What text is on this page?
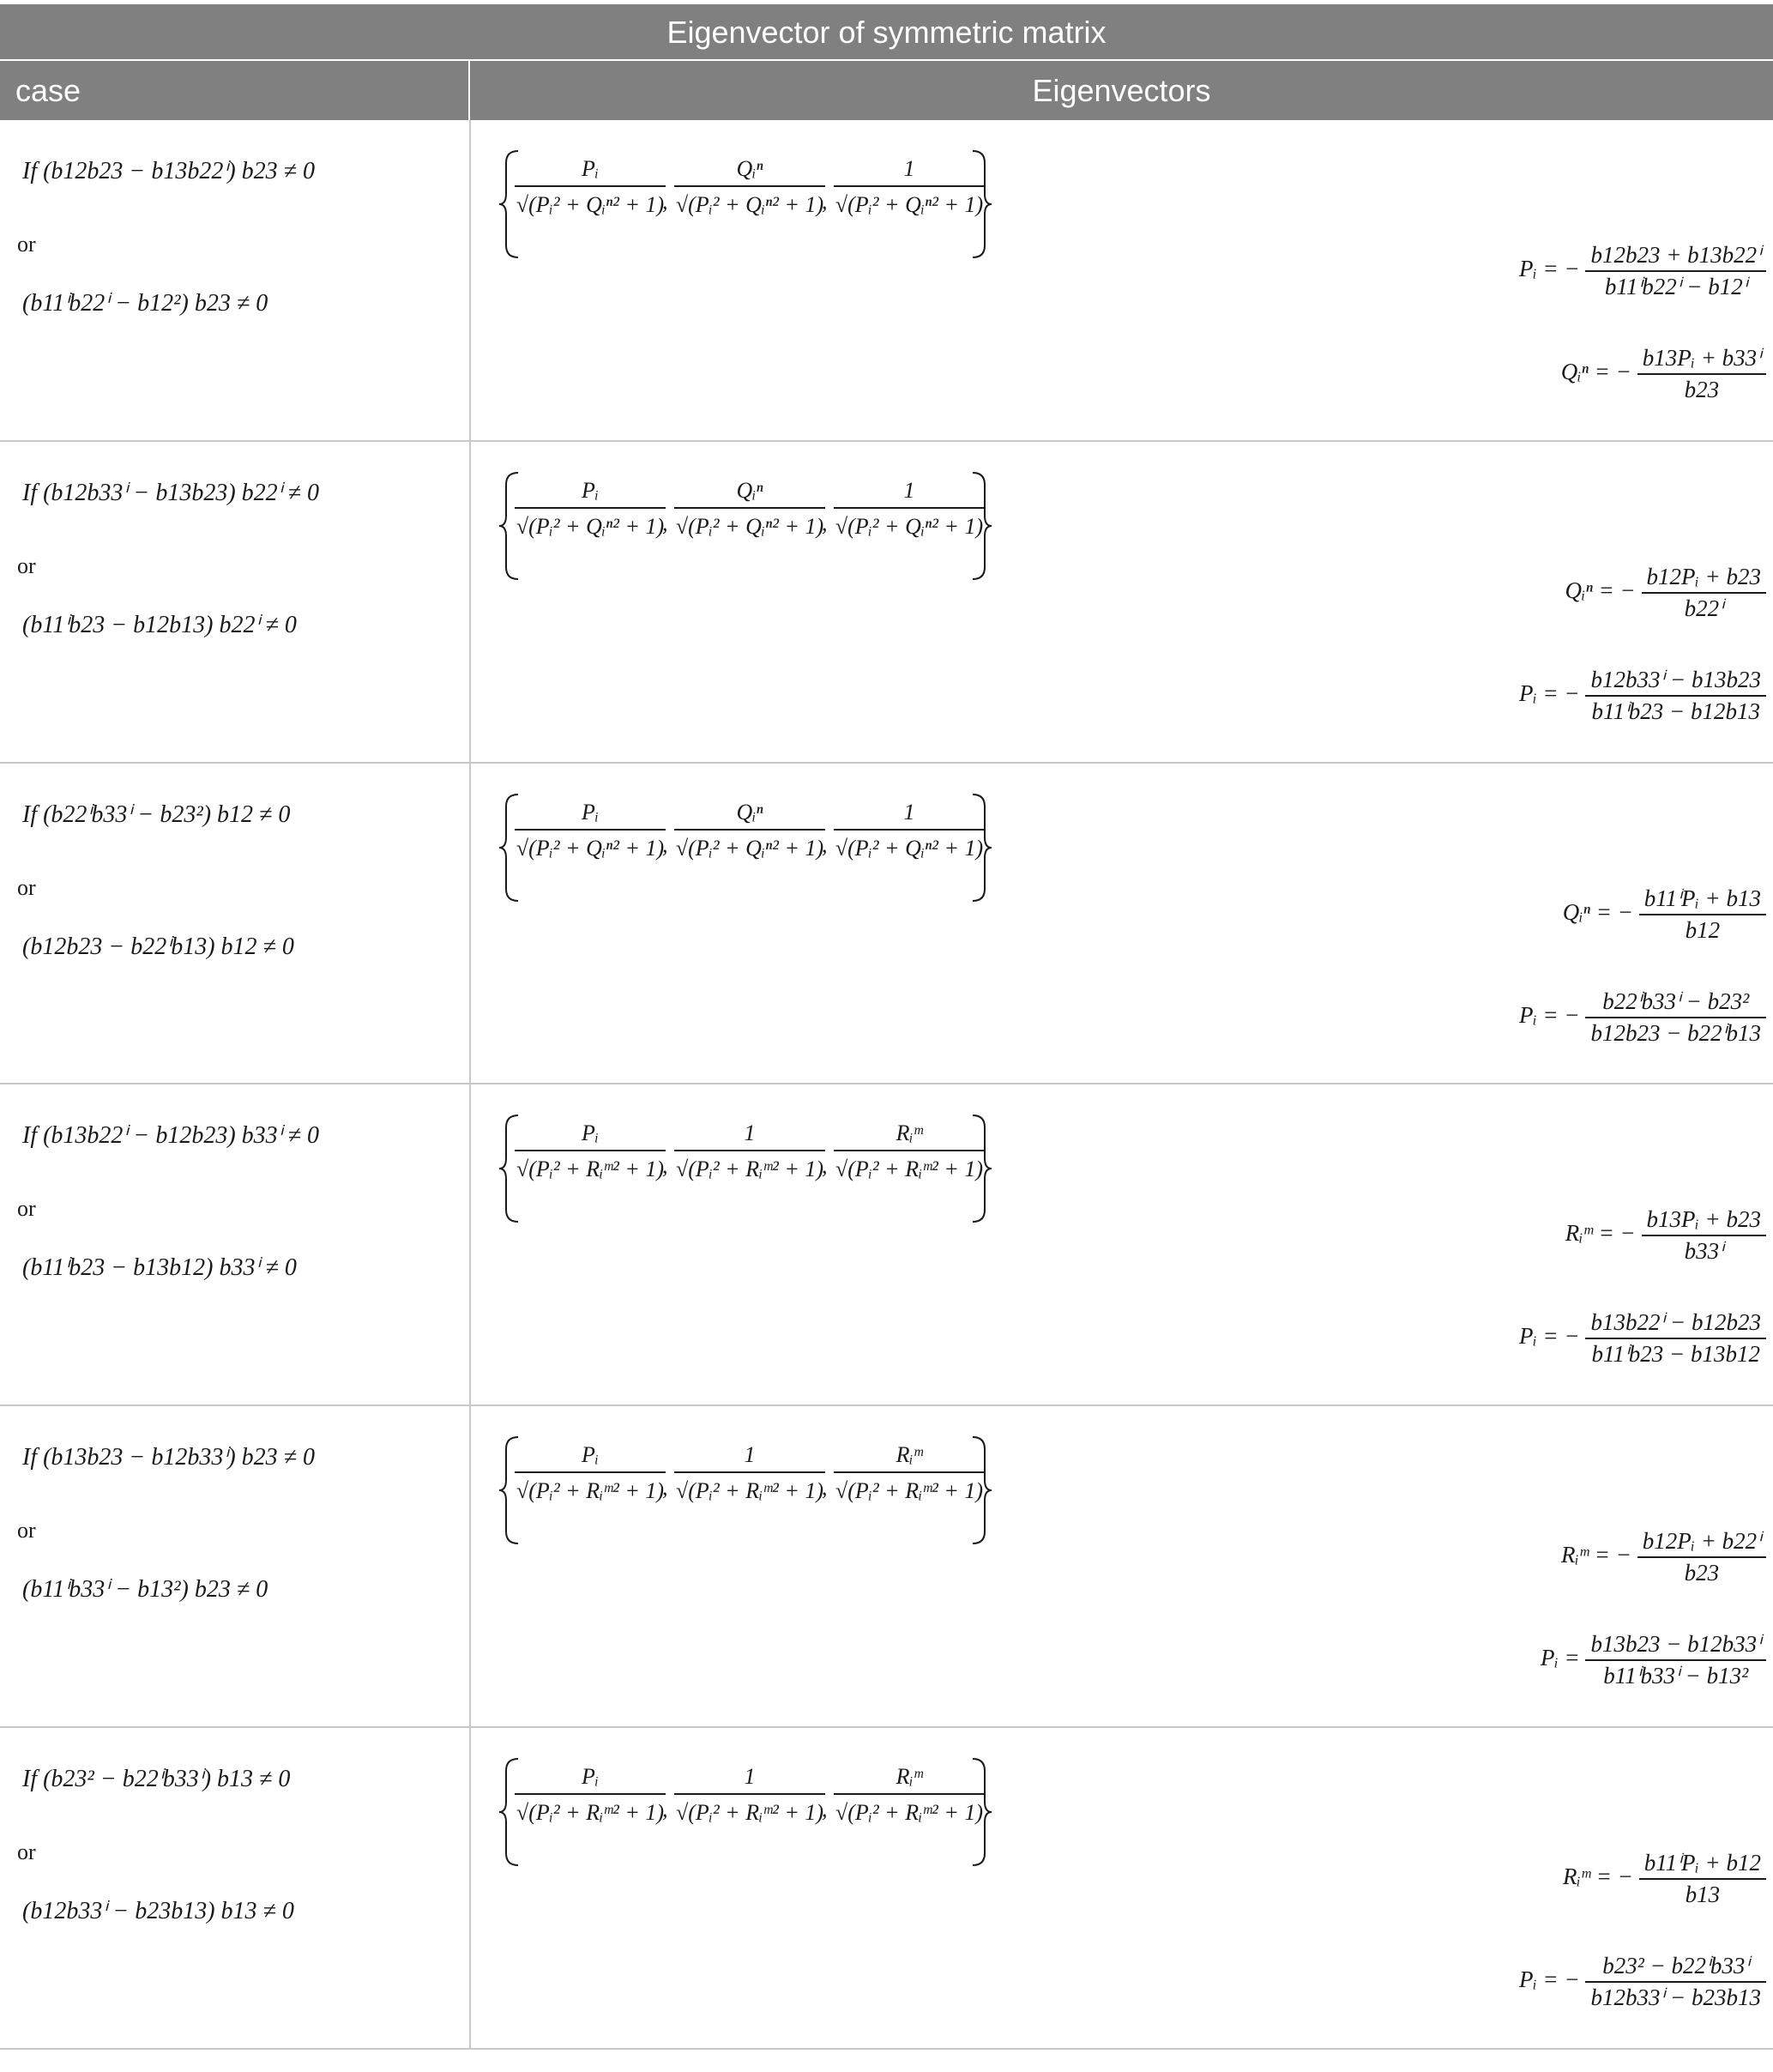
Eigenvector of symmetric matrix
case	Eigenvectors
If (b12b23 − b13b22ⁱ) b23 ≠ 0
or
(b11ⁱb22ⁱ − b12²) b23 ≠ 0
Pᵢ
√(Pᵢ² + Qᵢⁿ² + 1)
,
Qᵢⁿ
√(Pᵢ² + Qᵢⁿ² + 1)
,
1
√(Pᵢ² + Qᵢⁿ² + 1)
Pᵢ = − $\frac{\text{b12b23 + b13b22ⁱ}}{\text{b11ⁱb22ⁱ − b12ⁱ}}$
Qᵢⁿ = − $\frac{\text{b13Pᵢ + b33ⁱ}}{b23}$
If (b12b33ⁱ − b13b23) b22ⁱ ≠ 0
or
(b11ⁱb23 − b12b13) b22ⁱ ≠ 0
Pᵢ
√(Pᵢ² + Qᵢⁿ² + 1)
,
Qᵢⁿ
√(Pᵢ² + Qᵢⁿ² + 1)
,
1
√(Pᵢ² + Qᵢⁿ² + 1)
Qᵢⁿ = − $\frac{\text{b12Pᵢ + b23}}{\text{b22ⁱ}}$
Pᵢ = − $\frac{\text{b12b33ⁱ − b13b23}}{\text{b11ⁱb23 − b12b13}}$
If (b22ⁱb33ⁱ − b23²) b12 ≠ 0
or
(b12b23 − b22ⁱb13) b12 ≠ 0
Pᵢ
√(Pᵢ² + Qᵢⁿ² + 1)
,
Qᵢⁿ
√(Pᵢ² + Qᵢⁿ² + 1)
,
1
√(Pᵢ² + Qᵢⁿ² + 1)
Qᵢⁿ = − $\frac{\text{b11ⁱPᵢ + b13}}{b12}$
Pᵢ = − $\frac{\text{b22ⁱb33ⁱ − b23²}}{\text{b12b23 − b22ⁱb13}}$
If (b13b22ⁱ − b12b23) b33ⁱ ≠ 0
or
(b11ⁱb23 − b13b12) b33ⁱ ≠ 0
Pᵢ
√(Pᵢ² + Rᵢᵐ² + 1)
,
1
√(Pᵢ² + Rᵢᵐ² + 1)
,
Rᵢᵐ
√(Pᵢ² + Rᵢᵐ² + 1)
Rᵢᵐ = − $\frac{\text{b13Pᵢ + b23}}{\text{b33ⁱ}}$
Pᵢ = − $\frac{\text{b13b22ⁱ − b12b23}}{\text{b11ⁱb23 − b13b12}}$
If (b13b23 − b12b33ⁱ) b23 ≠ 0
or
(b11ⁱb33ⁱ − b13²) b23 ≠ 0
Pᵢ
√(Pᵢ² + Rᵢᵐ² + 1)
,
1
√(Pᵢ² + Rᵢᵐ² + 1)
,
Rᵢᵐ
√(Pᵢ² + Rᵢᵐ² + 1)
Rᵢᵐ = − $\frac{\text{b12Pᵢ + b22ⁱ}}{b23}$
Pᵢ = $\frac{\text{b13b23 − b12b33ⁱ}}{\text{b11ⁱb33ⁱ − b13²}}$
If (b23² − b22ⁱb33ⁱ) b13 ≠ 0
or
(b12b33ⁱ − b23b13) b13 ≠ 0
Pᵢ
√(Pᵢ² + Rᵢᵐ² + 1)
,
1
√(Pᵢ² + Rᵢᵐ² + 1)
,
Rᵢᵐ
√(Pᵢ² + Rᵢᵐ² + 1)
Rᵢᵐ = − $\frac{\text{b11ⁱPᵢ + b12}}{b13}$
Pᵢ = − $\frac{\text{b23² − b22ⁱb33ⁱ}}{\text{b12b33ⁱ − b23b13}}$
